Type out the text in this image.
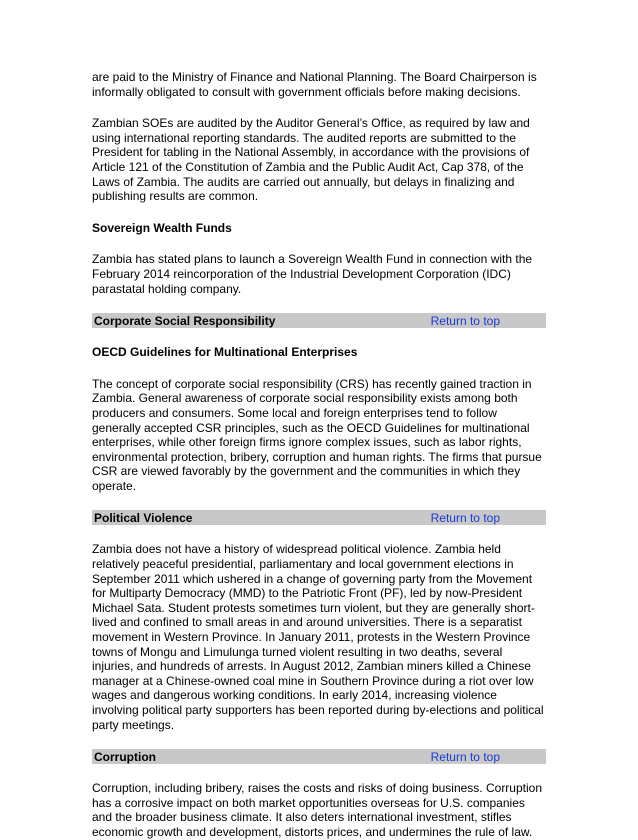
are paid to the Ministry of Finance and National Planning. The Board Chairperson is informally obligated to consult with government officials before making decisions.

Zambian SOEs are audited by the Auditor General’s Office, as required by law and using international reporting standards. The audited reports are submitted to the President for tabling in the National Assembly, in accordance with the provisions of Article 121 of the Constitution of Zambia and the Public Audit Act, Cap 378, of the Laws of Zambia. The audits are carried out annually, but delays in finalizing and publishing results are common.

Sovereign Wealth Funds

Zambia has stated plans to launch a Sovereign Wealth Fund in connection with the February 2014 reincorporation of the Industrial Development Corporation (IDC) parastatal holding company.

Corporate Social Responsibility	Return to top

OECD Guidelines for Multinational Enterprises

The concept of corporate social responsibility (CRS) has recently gained traction in Zambia. General awareness of corporate social responsibility exists among both producers and consumers. Some local and foreign enterprises tend to follow generally accepted CSR principles, such as the OECD Guidelines for multinational enterprises, while other foreign firms ignore complex issues, such as labor rights, environmental protection, bribery, corruption and human rights. The firms that pursue CSR are viewed favorably by the government and the communities in which they operate.

Political Violence	Return to top

Zambia does not have a history of widespread political violence. Zambia held relatively peaceful presidential, parliamentary and local government elections in September 2011 which ushered in a change of governing party from the Movement for Multiparty Democracy (MMD) to the Patriotic Front (PF), led by now-President Michael Sata. Student protests sometimes turn violent, but they are generally short-lived and confined to small areas in and around universities. There is a separatist movement in Western Province. In January 2011, protests in the Western Province towns of Mongu and Limulunga turned violent resulting in two deaths, several injuries, and hundreds of arrests. In August 2012, Zambian miners killed a Chinese manager at a Chinese-owned coal mine in Southern Province during a riot over low wages and dangerous working conditions. In early 2014, increasing violence involving political party supporters has been reported during by-elections and political party meetings.

Corruption	Return to top

Corruption, including bribery, raises the costs and risks of doing business. Corruption has a corrosive impact on both market opportunities overseas for U.S. companies and the broader business climate. It also deters international investment, stifles economic growth and development, distorts prices, and undermines the rule of law.
